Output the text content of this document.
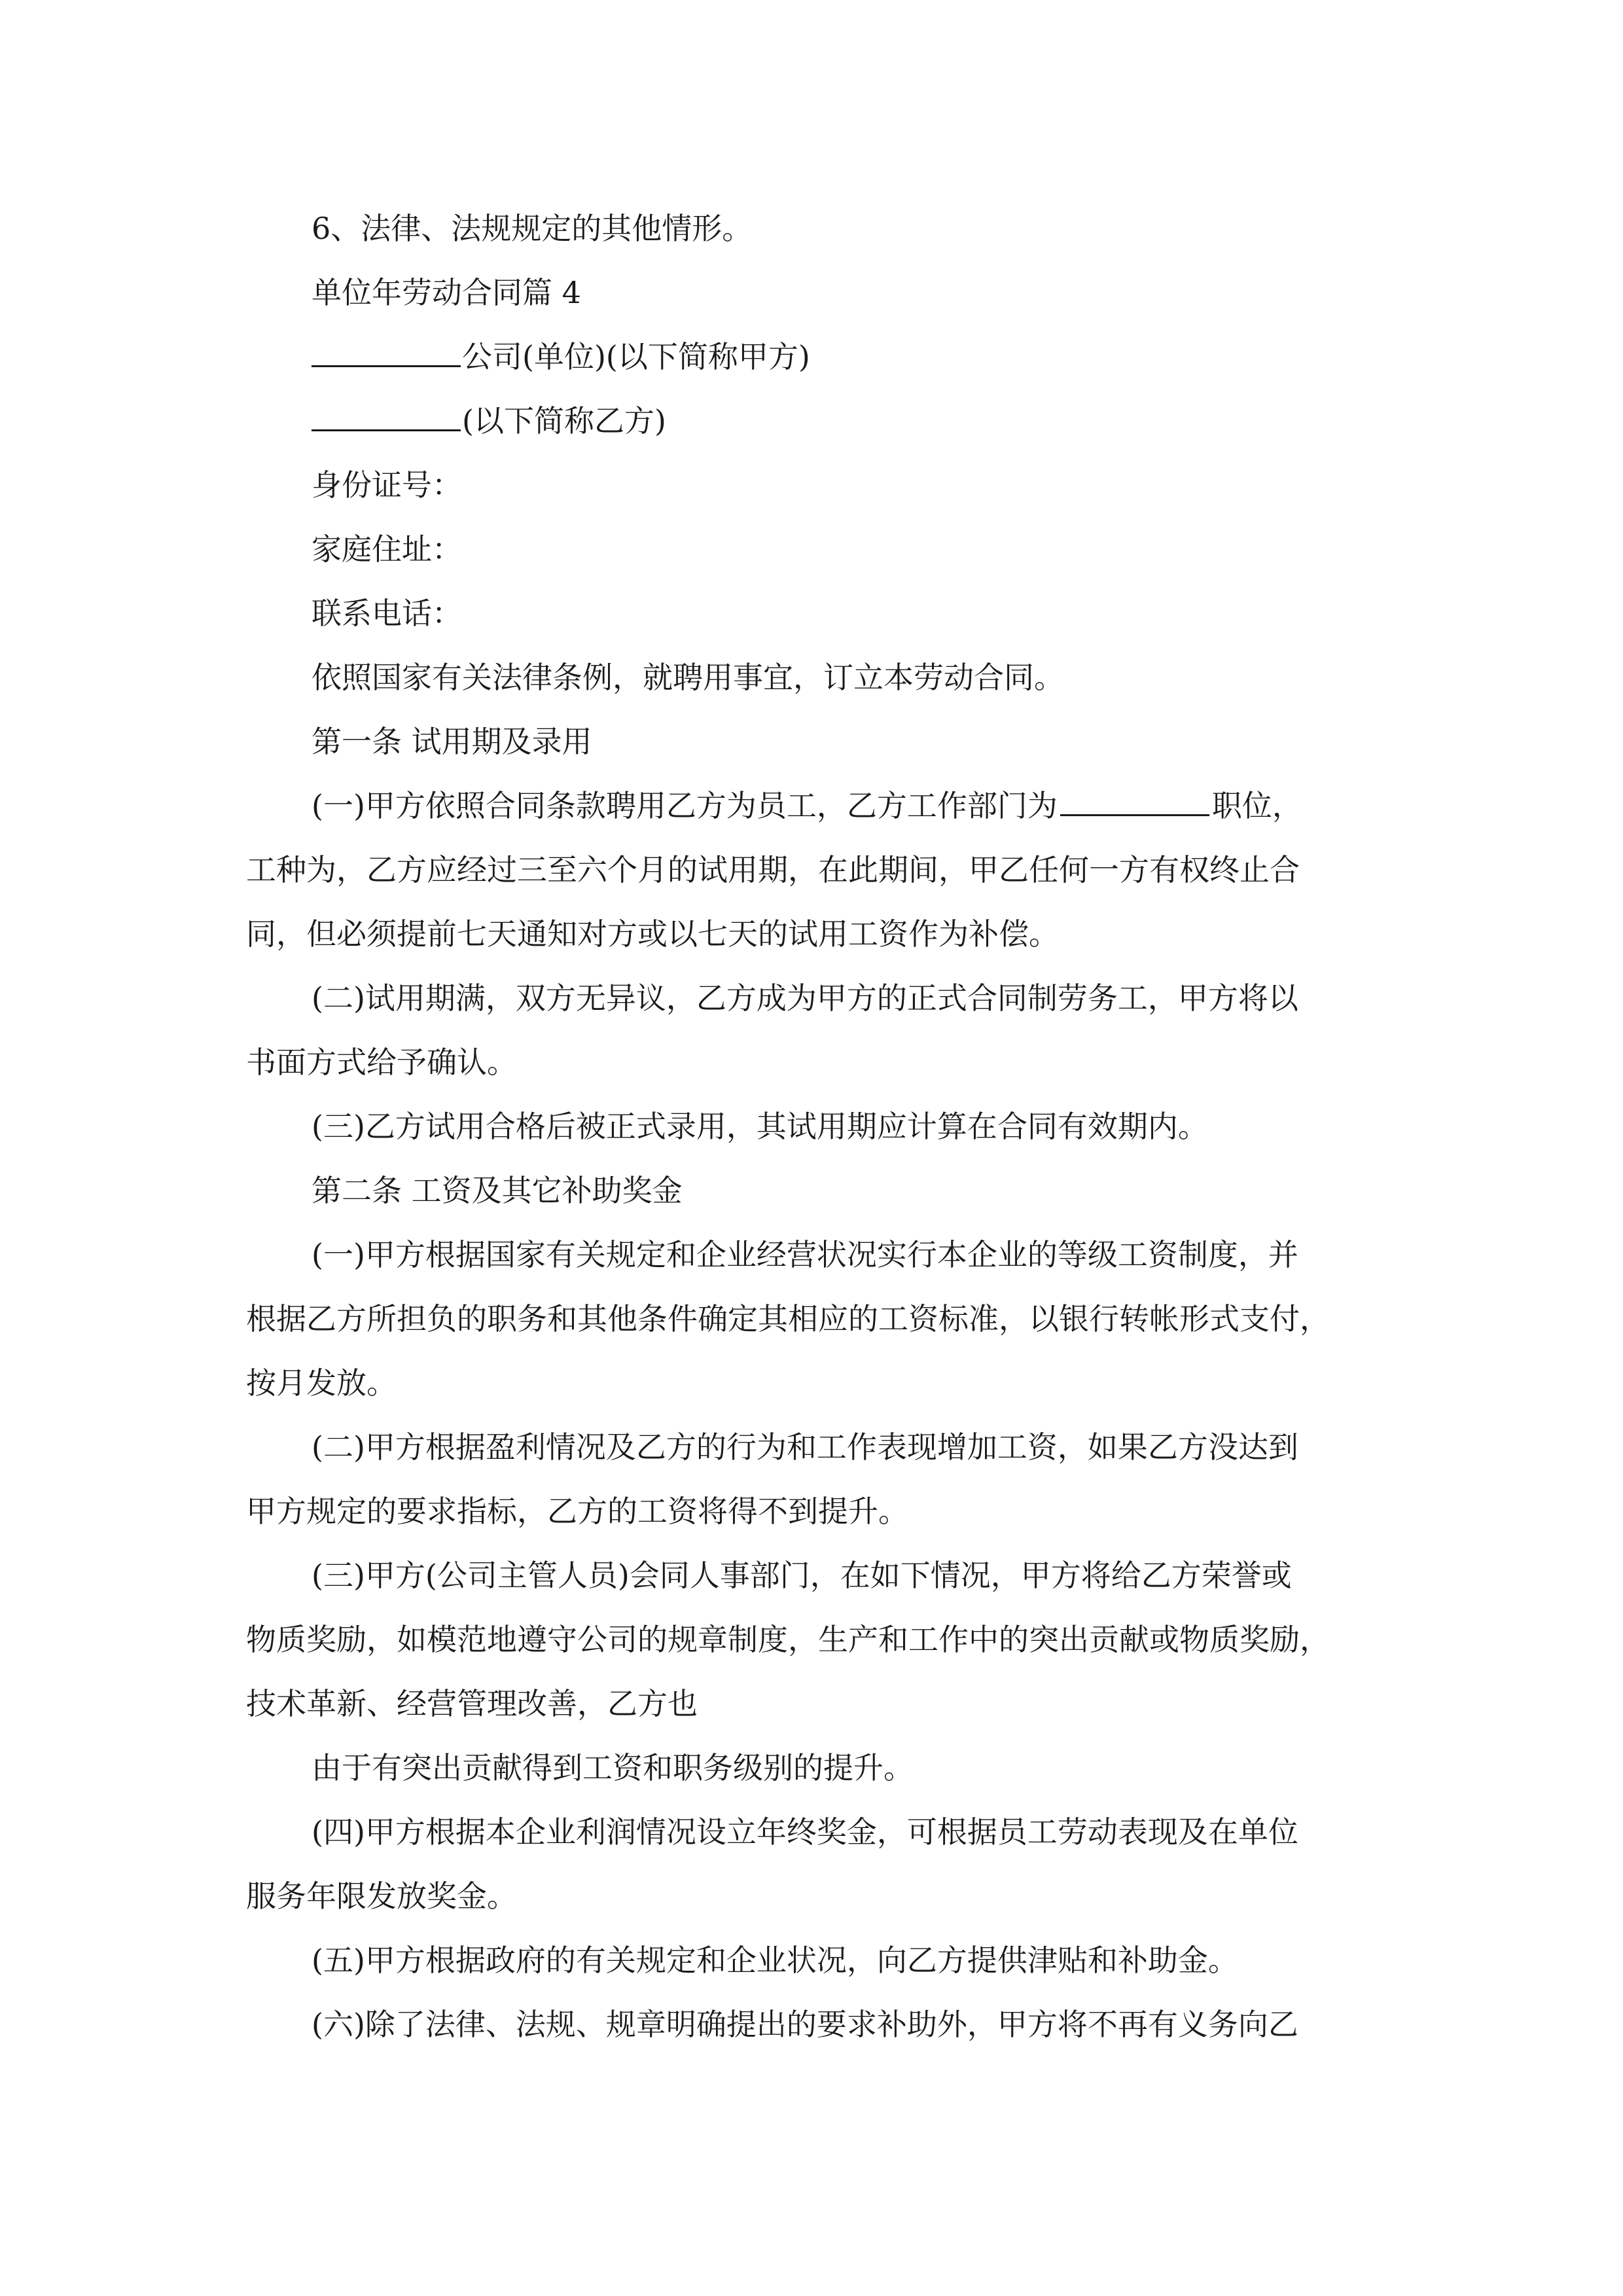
6、法律、法规规定的其他情形。

单位年劳动合同篇 4

公司(单位)(以下简称甲方)

(以下简称乙方)

身份证号：

家庭住址：

联系电话：

依照国家有关法律条例，就聘用事宜，订立本劳动合同。

第一条 试用期及录用

(一)甲方依照合同条款聘用乙方为员工，乙方工作部门为	职位，

工种为，乙方应经过三至六个月的试用期，在此期间，甲乙任何一方有权终止合

同，但必须提前七天通知对方或以七天的试用工资作为补偿。

(二)试用期满，双方无异议，乙方成为甲方的正式合同制劳务工，甲方将以

书面方式给予确认。

(三)乙方试用合格后被正式录用，其试用期应计算在合同有效期内。

第二条 工资及其它补助奖金

(一)甲方根据国家有关规定和企业经营状况实行本企业的等级工资制度，并

根据乙方所担负的职务和其他条件确定其相应的工资标准，以银行转帐形式支付，

按月发放。

(二)甲方根据盈利情况及乙方的行为和工作表现增加工资，如果乙方没达到

甲方规定的要求指标，乙方的工资将得不到提升。

(三)甲方(公司主管人员)会同人事部门，在如下情况，甲方将给乙方荣誉或

物质奖励，如模范地遵守公司的规章制度，生产和工作中的突出贡献或物质奖励，

技术革新、经营管理改善，乙方也

由于有突出贡献得到工资和职务级别的提升。

(四)甲方根据本企业利润情况设立年终奖金，可根据员工劳动表现及在单位

服务年限发放奖金。

(五)甲方根据政府的有关规定和企业状况，向乙方提供津贴和补助金。

(六)除了法律、法规、规章明确提出的要求补助外，甲方将不再有义务向乙
